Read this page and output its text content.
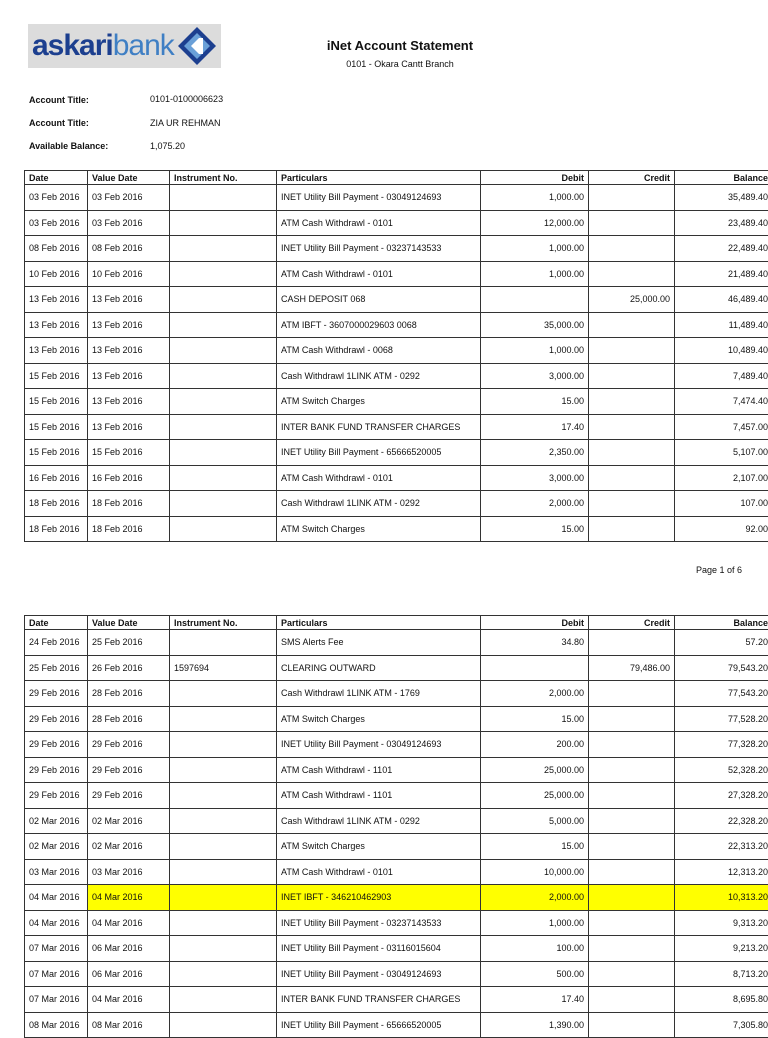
askaribank	iNet Account Statement
0101 - Okara Cantt Branch
Account Title:	0101-0100006623
Account Title:	ZIA UR REHMAN
Available Balance:	1,075.20
Date	Value Date	Instrument No.	Particulars	Debit	Credit	Balance
03 Feb 2016	03 Feb 2016		INET Utility Bill Payment - 03049124693	1,000.00		35,489.40
03 Feb 2016	03 Feb 2016		ATM Cash Withdrawl - 0101	12,000.00		23,489.40
08 Feb 2016	08 Feb 2016		INET Utility Bill Payment - 03237143533	1,000.00		22,489.40
10 Feb 2016	10 Feb 2016		ATM Cash Withdrawl - 0101	1,000.00		21,489.40
13 Feb 2016	13 Feb 2016		CASH DEPOSIT 068		25,000.00	46,489.40
13 Feb 2016	13 Feb 2016		ATM IBFT - 3607000029603 0068	35,000.00		11,489.40
13 Feb 2016	13 Feb 2016		ATM Cash Withdrawl - 0068	1,000.00		10,489.40
15 Feb 2016	13 Feb 2016		Cash Withdrawl 1LINK ATM - 0292	3,000.00		7,489.40
15 Feb 2016	13 Feb 2016		ATM Switch Charges	15.00		7,474.40
15 Feb 2016	13 Feb 2016		INTER BANK FUND TRANSFER CHARGES	17.40		7,457.00
15 Feb 2016	15 Feb 2016		INET Utility Bill Payment - 65666520005	2,350.00		5,107.00
16 Feb 2016	16 Feb 2016		ATM Cash Withdrawl - 0101	3,000.00		2,107.00
18 Feb 2016	18 Feb 2016		Cash Withdrawl 1LINK ATM - 0292	2,000.00		107.00
18 Feb 2016	18 Feb 2016		ATM Switch Charges	15.00		92.00
Page 1 of 6
Date	Value Date	Instrument No.	Particulars	Debit	Credit	Balance
24 Feb 2016	25 Feb 2016		SMS Alerts Fee	34.80		57.20
25 Feb 2016	26 Feb 2016	1597694	CLEARING OUTWARD		79,486.00	79,543.20
29 Feb 2016	28 Feb 2016		Cash Withdrawl 1LINK ATM - 1769	2,000.00		77,543.20
29 Feb 2016	28 Feb 2016		ATM Switch Charges	15.00		77,528.20
29 Feb 2016	29 Feb 2016		INET Utility Bill Payment - 03049124693	200.00		77,328.20
29 Feb 2016	29 Feb 2016		ATM Cash Withdrawl - 1101	25,000.00		52,328.20
29 Feb 2016	29 Feb 2016		ATM Cash Withdrawl - 1101	25,000.00		27,328.20
02 Mar 2016	02 Mar 2016		Cash Withdrawl 1LINK ATM - 0292	5,000.00		22,328.20
02 Mar 2016	02 Mar 2016		ATM Switch Charges	15.00		22,313.20
03 Mar 2016	03 Mar 2016		ATM Cash Withdrawl - 0101	10,000.00		12,313.20
04 Mar 2016	04 Mar 2016		INET IBFT - 346210462903	2,000.00		10,313.20
04 Mar 2016	04 Mar 2016		INET Utility Bill Payment - 03237143533	1,000.00		9,313.20
07 Mar 2016	06 Mar 2016		INET Utility Bill Payment - 03116015604	100.00		9,213.20
07 Mar 2016	06 Mar 2016		INET Utility Bill Payment - 03049124693	500.00		8,713.20
07 Mar 2016	04 Mar 2016		INTER BANK FUND TRANSFER CHARGES	17.40		8,695.80
08 Mar 2016	08 Mar 2016		INET Utility Bill Payment - 65666520005	1,390.00		7,305.80
